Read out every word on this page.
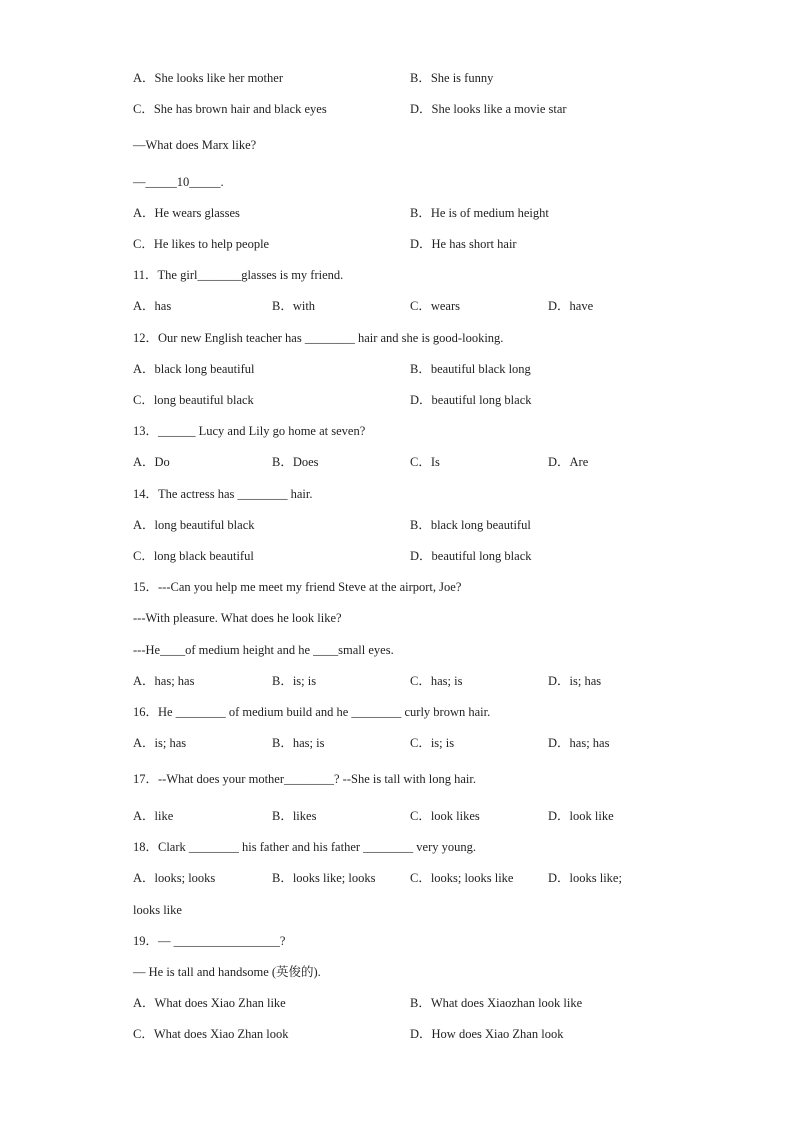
A．She looks like her mother	B．She is funny
C．She has brown hair and black eyes	D．She looks like a movie star
—What does Marx like?
—_____10_____.
A．He wears glasses	B．He is of medium height
C．He likes to help people	D．He has short hair
11．The girl_______glasses is my friend.
A．has	B．with	C．wears	D．have
12．Our new English teacher has ________ hair and she is good-looking.
A．black long beautiful	B．beautiful black long
C．long beautiful black	D．beautiful long black
13．______ Lucy and Lily go home at seven?
A．Do	B．Does	C．Is	D．Are
14．The actress has ________ hair.
A．long beautiful black	B．black long beautiful
C．long black beautiful	D．beautiful long black
15．---Can you help me meet my friend Steve at the airport, Joe?
---With pleasure. What does he look like?
---He____of medium height and he ____small eyes.
A．has; has	B．is; is	C．has; is	D．is; has
16．He ________ of medium build and he ________ curly brown hair.
A．is; has	B．has; is	C．is; is	D．has; has
17．--What does your mother________? --She is tall with long hair.
A．like	B．likes	C．look likes	D．look like
18．Clark ________ his father and his father ________ very young.
A．looks; looks	B．looks like; looks	C．looks; looks like	D．looks like;
looks like
19．— _________________?
— He is tall and handsome (英俊的).
A．What does Xiao Zhan like	B．What does Xiaozhan look like
C．What does Xiao Zhan look	D．How does Xiao Zhan look
